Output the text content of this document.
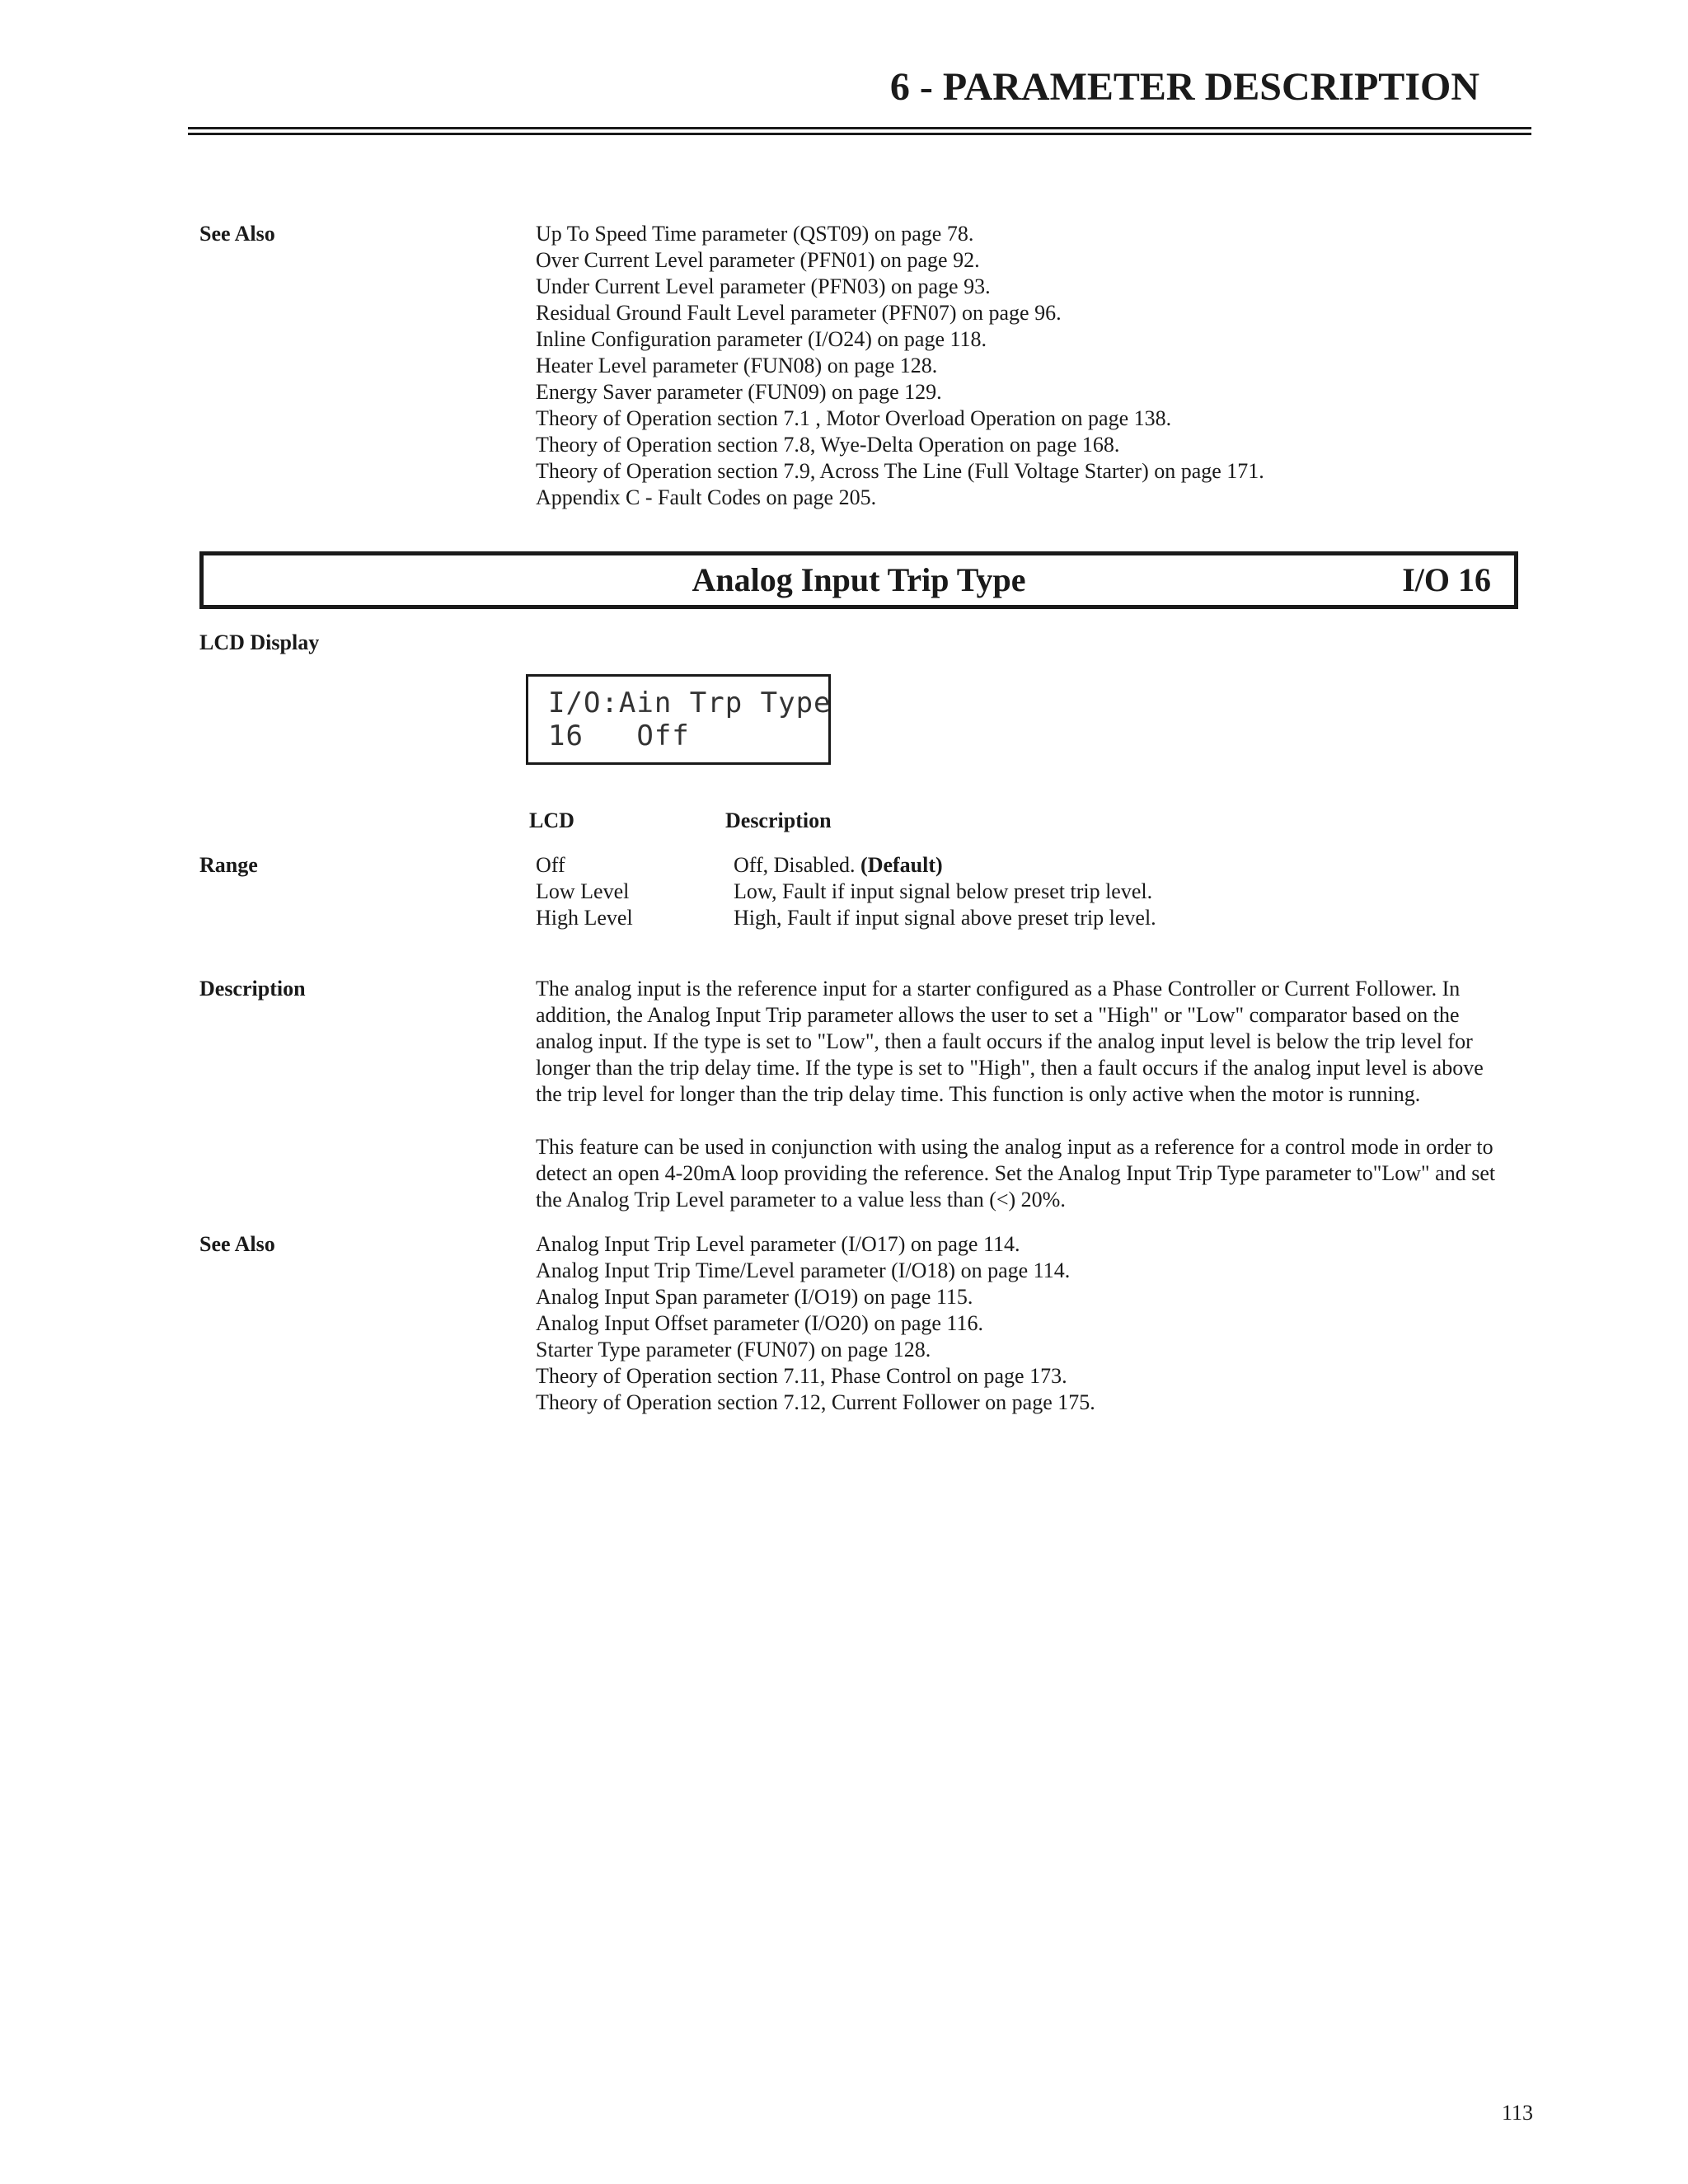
6 - PARAMETER DESCRIPTION
See Also	Up To Speed Time parameter (QST09) on page 78.
Over Current Level parameter (PFN01) on page 92.
Under Current Level parameter (PFN03) on page 93.
Residual Ground Fault Level parameter (PFN07) on page 96.
Inline Configuration parameter (I/O24) on page 118.
Heater Level parameter (FUN08) on page 128.
Energy Saver parameter (FUN09) on page 129.
Theory of Operation section 7.1 , Motor Overload Operation on page 138.
Theory of Operation section 7.8, Wye-Delta Operation on page 168.
Theory of Operation section 7.9, Across The Line (Full Voltage Starter) on page 171.
Appendix C - Fault Codes on page 205.
Analog Input Trip Type	I/O 16
LCD Display
I/O:Ain Trp Type
16   Off
LCD	Description
Range	Off	Off, Disabled. (Default)
Low Level	Low, Fault if input signal below preset trip level.
High Level	High, Fault if input signal above preset trip level.
Description	The analog input is the reference input for a starter configured as a Phase Controller or Current Follower. In addition, the Analog Input Trip parameter allows the user to set a "High" or "Low" comparator based on the analog input. If the type is set to "Low", then a fault occurs if the analog input level is below the trip level for longer than the trip delay time. If the type is set to "High", then a fault occurs if the analog input level is above the trip level for longer than the trip delay time. This function is only active when the motor is running.
This feature can be used in conjunction with using the analog input as a reference for a control mode in order to detect an open 4-20mA loop providing the reference. Set the Analog Input Trip Type parameter to"Low" and set the Analog Trip Level parameter to a value less than (<) 20%.
See Also	Analog Input Trip Level parameter (I/O17) on page 114.
Analog Input Trip Time/Level parameter (I/O18) on page 114.
Analog Input Span parameter (I/O19) on page 115.
Analog Input Offset parameter (I/O20) on page 116.
Starter Type parameter (FUN07) on page 128.
Theory of Operation section 7.11, Phase Control on page 173.
Theory of Operation section 7.12, Current Follower on page 175.
113
